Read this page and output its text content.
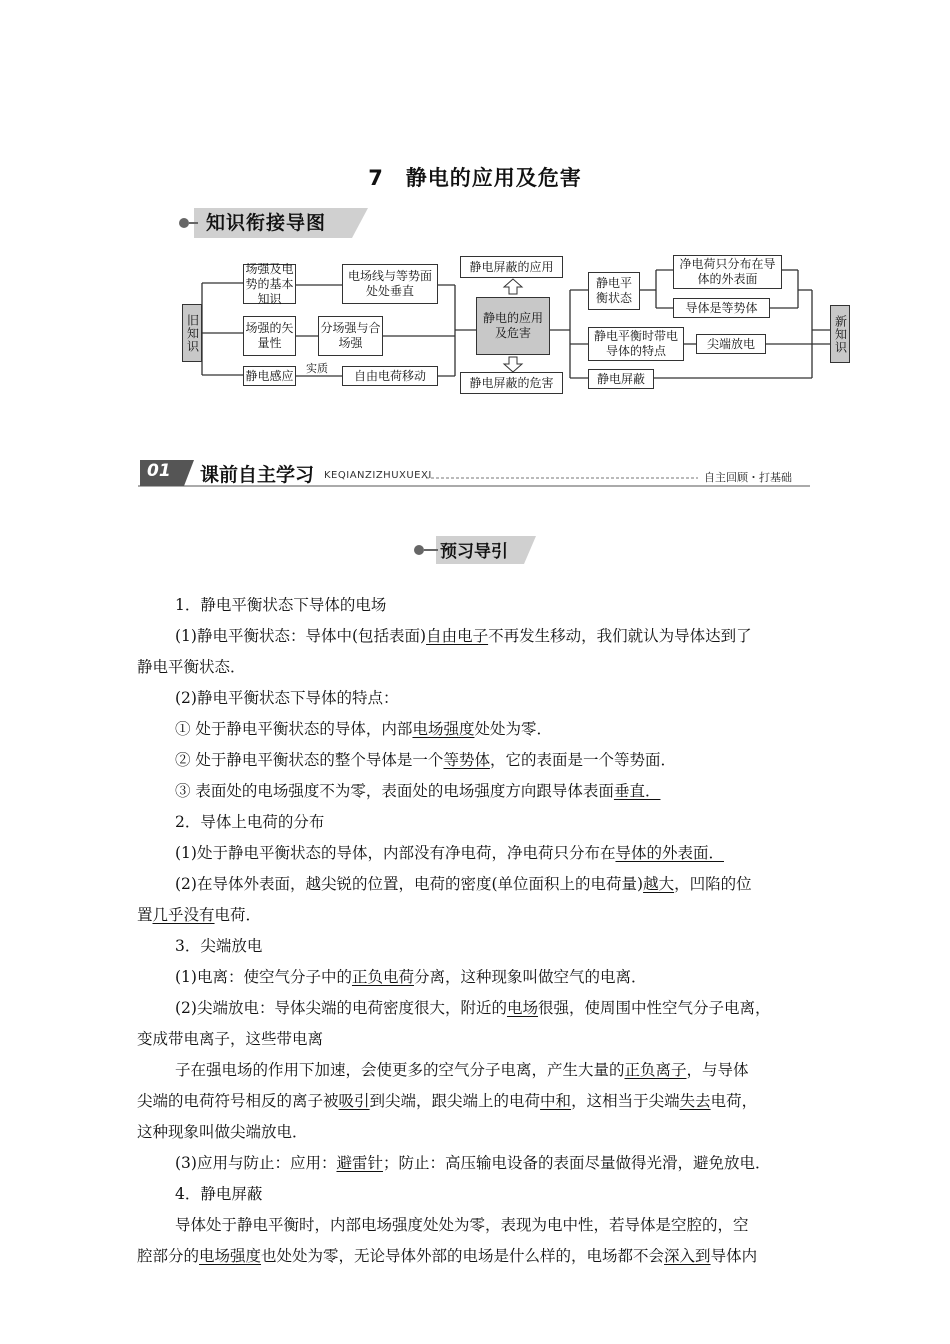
7　静电的应用及危害
知识衔接导图
旧知识
场强及电势的基本知识
电场线与等势面处处垂直
场强的矢量性
分场强与合场强
静电感应 实质	自由电荷移动
静电屏蔽的应用
静电的应用及危害
静电屏蔽的危害
静电平衡状态
净电荷只分布在导体的外表面
导体是等势体
静电平衡时带电导体的特点
尖端放电
静电屏蔽
新知识
01 课前自主学习 KEQIANZIZHUXUEXI	自主回顾・打基础
预习导引
1．静电平衡状态下导体的电场
(1)静电平衡状态：导体中(包括表面)自由电子不再发生移动，我们就认为导体达到了
静电平衡状态．
(2)静电平衡状态下导体的特点：
① 处于静电平衡状态的导体，内部电场强度处处为零．
② 处于静电平衡状态的整个导体是一个等势体，它的表面是一个等势面．
③ 表面处的电场强度不为零，表面处的电场强度方向跟导体表面垂直．
2．导体上电荷的分布
(1)处于静电平衡状态的导体，内部没有净电荷，净电荷只分布在导体的外表面．
(2)在导体外表面，越尖锐的位置，电荷的密度(单位面积上的电荷量)越大，凹陷的位
置几乎没有电荷．
3．尖端放电
(1)电离：使空气分子中的正负电荷分离，这种现象叫做空气的电离．
(2)尖端放电：导体尖端的电荷密度很大，附近的电场很强，使周围中性空气分子电离，
变成带电离子，这些带电离
子在强电场的作用下加速，会使更多的空气分子电离，产生大量的正负离子，与导体
尖端的电荷符号相反的离子被吸引到尖端，跟尖端上的电荷中和，这相当于尖端失去电荷，
这种现象叫做尖端放电．
(3)应用与防止：应用：避雷针；防止：高压输电设备的表面尽量做得光滑，避免放电．
4．静电屏蔽
导体处于静电平衡时，内部电场强度处处为零，表现为电中性，若导体是空腔的，空
腔部分的电场强度也处处为零，无论导体外部的电场是什么样的，电场都不会深入到导体内
